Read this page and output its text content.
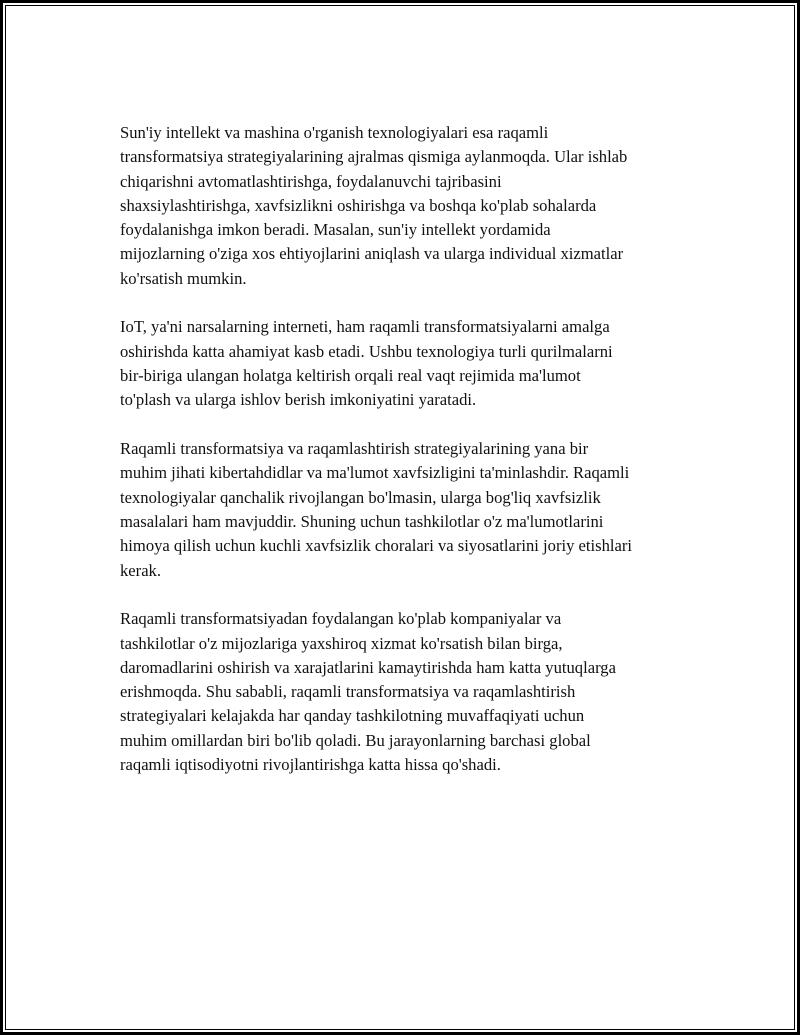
Sun'iy intellekt va mashina o'rganish texnologiyalari esa raqamli
transformatsiya strategiyalarining ajralmas qismiga aylanmoqda. Ular ishlab
chiqarishni avtomatlashtirishga, foydalanuvchi tajribasini
shaxsiylashtirishga, xavfsizlikni oshirishga va boshqa ko'plab sohalarda
foydalanishga imkon beradi. Masalan, sun'iy intellekt yordamida
mijozlarning o'ziga xos ehtiyojlarini aniqlash va ularga individual xizmatlar
ko'rsatish mumkin.

IoT, ya'ni narsalarning interneti, ham raqamli transformatsiyalarni amalga
oshirishda katta ahamiyat kasb etadi. Ushbu texnologiya turli qurilmalarni
bir-biriga ulangan holatga keltirish orqali real vaqt rejimida ma'lumot
to'plash va ularga ishlov berish imkoniyatini yaratadi.

Raqamli transformatsiya va raqamlashtirish strategiyalarining yana bir
muhim jihati kibertahdidlar va ma'lumot xavfsizligini ta'minlashdir. Raqamli
texnologiyalar qanchalik rivojlangan bo'lmasin, ularga bog'liq xavfsizlik
masalalari ham mavjuddir. Shuning uchun tashkilotlar o'z ma'lumotlarini
himoya qilish uchun kuchli xavfsizlik choralari va siyosatlarini joriy etishlari
kerak.

Raqamli transformatsiyadan foydalangan ko'plab kompaniyalar va
tashkilotlar o'z mijozlariga yaxshiroq xizmat ko'rsatish bilan birga,
daromadlarini oshirish va xarajatlarini kamaytirishda ham katta yutuqlarga
erishmoqda. Shu sababli, raqamli transformatsiya va raqamlashtirish
strategiyalari kelajakda har qanday tashkilotning muvaffaqiyati uchun
muhim omillardan biri bo'lib qoladi. Bu jarayonlarning barchasi global
raqamli iqtisodiyotni rivojlantirishga katta hissa qo'shadi.
